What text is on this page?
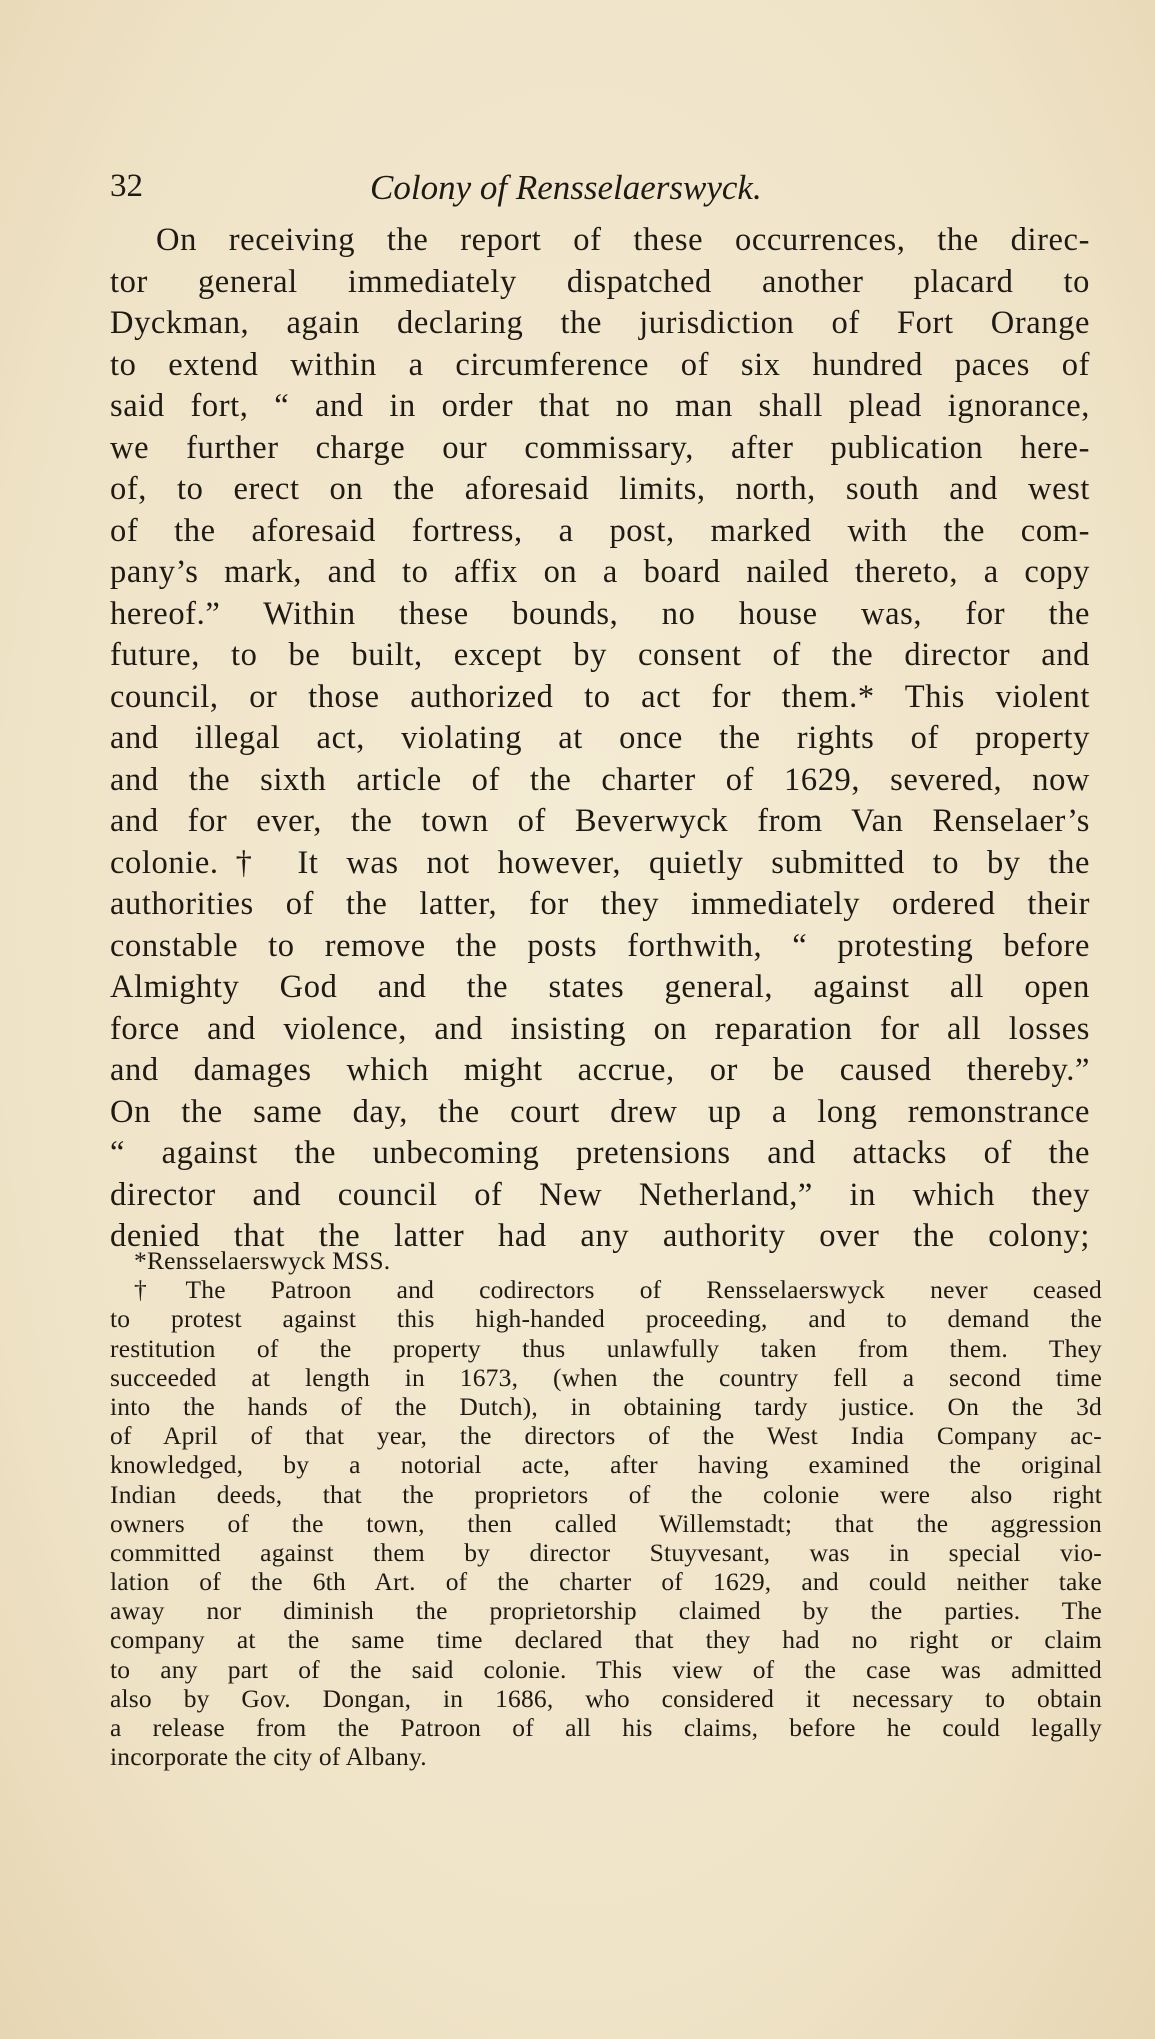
32	Colony of Rensselaerswyck.
On receiving the report of these occurrences, the direc-
tor general immediately dispatched another placard to
Dyckman, again declaring the jurisdiction of Fort Orange
to extend within a circumference of six hundred paces of
said fort, “ and in order that no man shall plead ignorance,
we further charge our commissary, after publication here-
of, to erect on the aforesaid limits, north, south and west
of the aforesaid fortress, a post, marked with the com-
pany’s mark, and to affix on a board nailed thereto, a copy
hereof.” Within these bounds, no house was, for the
future, to be built, except by consent of the director and
council, or those authorized to act for them.* This violent
and illegal act, violating at once the rights of property
and the sixth article of the charter of 1629, severed, now
and for ever, the town of Beverwyck from Van Renselaer’s
colonie.† It was not however, quietly submitted to by the
authorities of the latter, for they immediately ordered their
constable to remove the posts forthwith, “ protesting before
Almighty God and the states general, against all open
force and violence, and insisting on reparation for all losses
and damages which might accrue, or be caused thereby.”
On the same day, the court drew up a long remonstrance
“ against the unbecoming pretensions and attacks of the
director and council of New Netherland,” in which they
denied that the latter had any authority over the colony;
*Rensselaerswyck MSS.
†The Patroon and codirectors of Rensselaerswyck never ceased
to protest against this high-handed proceeding, and to demand the
restitution of the property thus unlawfully taken from them. They
succeeded at length in 1673, (when the country fell a second time
into the hands of the Dutch), in obtaining tardy justice. On the 3d
of April of that year, the directors of the West India Company ac-
knowledged, by a notorial acte, after having examined the original
Indian deeds, that the proprietors of the colonie were also right
owners of the town, then called Willemstadt; that the aggression
committed against them by director Stuyvesant, was in special vio-
lation of the 6th Art. of the charter of 1629, and could neither take
away nor diminish the proprietorship claimed by the parties. The
company at the same time declared that they had no right or claim
to any part of the said colonie. This view of the case was admitted
also by Gov. Dongan, in 1686, who considered it necessary to obtain
a release from the Patroon of all his claims, before he could legally
incorporate the city of Albany.
